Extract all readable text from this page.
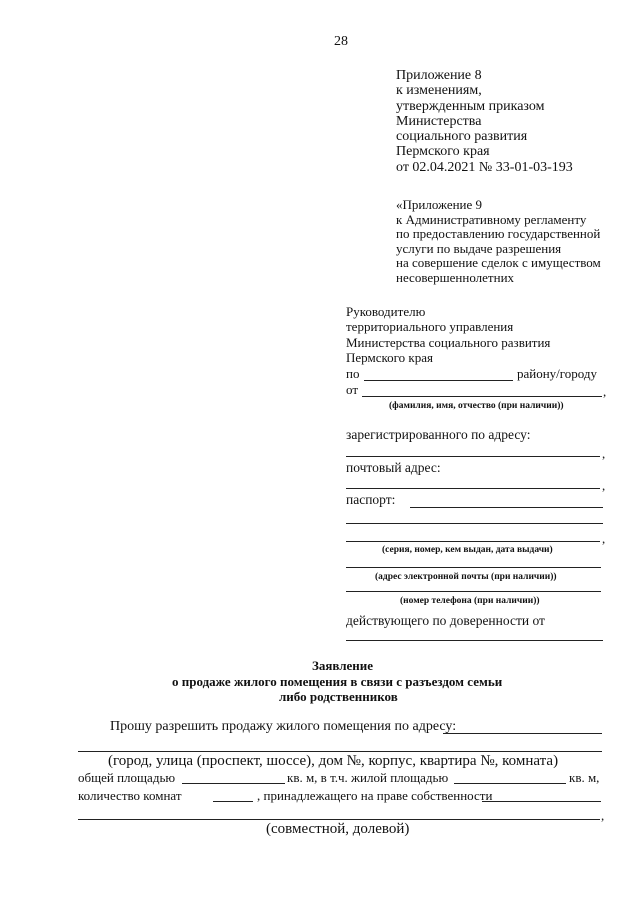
28
Приложение 8
к изменениям,
утвержденным приказом
Министерства
социального развития
Пермского края
от 02.04.2021 № 33-01-03-193
«Приложение 9
к Административному регламенту
по предоставлению государственной
услуги по выдаче разрешения
на совершение сделок с имуществом
несовершеннолетних
Руководителю
территориального управления
Министерства социального развития
Пермского края
по	району/городу
от	,
(фамилия, имя, отчество (при наличии))
зарегистрированного по адресу:
,
почтовый адрес:
,
паспорт:
,
(серия, номер, кем выдан, дата выдачи)
(адрес электронной почты (при наличии))
(номер телефона (при наличии))
действующего по доверенности от
Заявление
о продаже жилого помещения в связи с разъездом семьи
либо родственников
Прошу разрешить продажу жилого помещения по адресу:
(город, улица (проспект, шоссе), дом №, корпус, квартира №, комната)
общей площадью	кв. м, в т.ч. жилой площадью	кв. м,
количество комнат	, принадлежащего на праве собственности
,
(совместной, долевой)
